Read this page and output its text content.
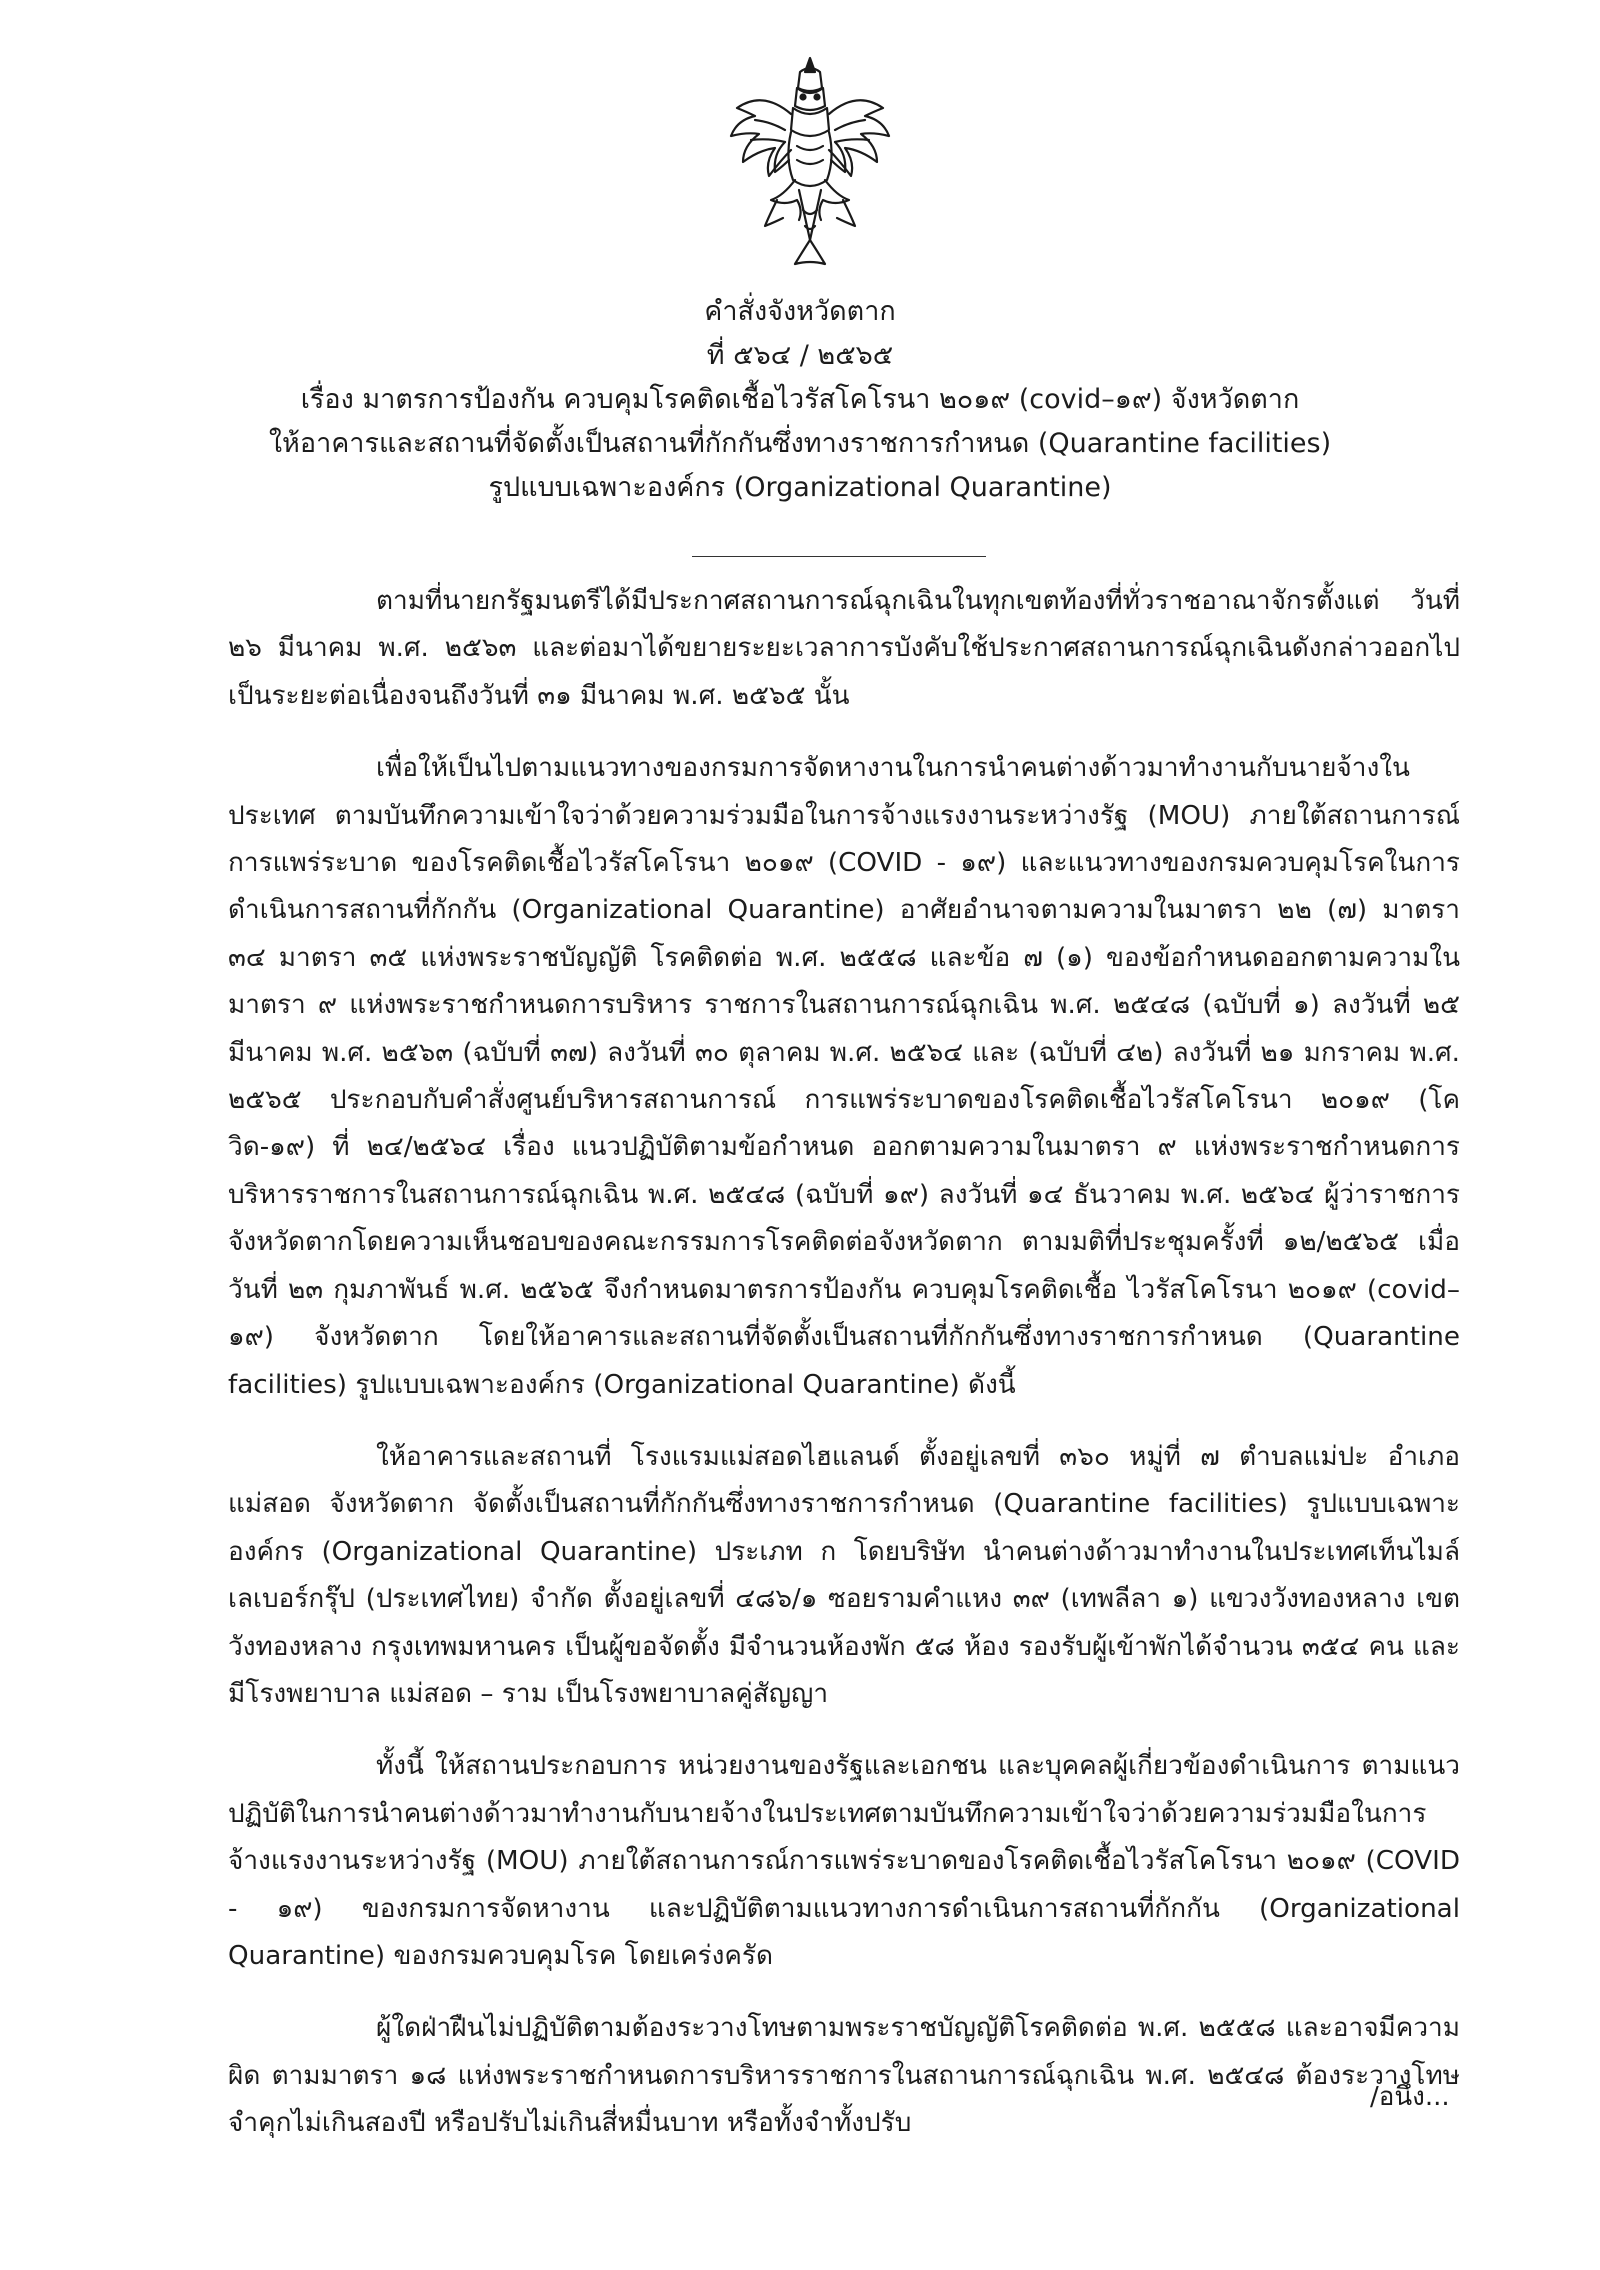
คำสั่งจังหวัดตาก
ที่ ๕๖๔ / ๒๕๖๕
เรื่อง มาตรการป้องกัน ควบคุมโรคติดเชื้อไวรัสโคโรนา ๒๐๑๙ (covid–๑๙) จังหวัดตาก
ให้อาคารและสถานที่จัดตั้งเป็นสถานที่กักกันซึ่งทางราชการกำหนด (Quarantine facilities)
รูปแบบเฉพาะองค์กร (Organizational Quarantine)

ตามที่นายกรัฐมนตรีได้มีประกาศสถานการณ์ฉุกเฉินในทุกเขตท้องที่ทั่วราชอาณาจักรตั้งแต่ วันที่ ๒๖ มีนาคม พ.ศ. ๒๕๖๓ และต่อมาได้ขยายระยะเวลาการบังคับใช้ประกาศสถานการณ์ฉุกเฉินดังกล่าวออกไป เป็นระยะต่อเนื่องจนถึงวันที่ ๓๑ มีนาคม พ.ศ. ๒๕๖๕ นั้น

เพื่อให้เป็นไปตามแนวทางของกรมการจัดหางานในการนำคนต่างด้าวมาทำงานกับนายจ้างในประเทศ ตามบันทึกความเข้าใจว่าด้วยความร่วมมือในการจ้างแรงงานระหว่างรัฐ (MOU) ภายใต้สถานการณ์การแพร่ระบาด ของโรคติดเชื้อไวรัสโคโรนา ๒๐๑๙ (COVID - ๑๙) และแนวทางของกรมควบคุมโรคในการดำเนินการสถานที่กักกัน (Organizational Quarantine) อาศัยอำนาจตามความในมาตรา ๒๒ (๗) มาตรา ๓๔ มาตรา ๓๕ แห่งพระราชบัญญัติ โรคติดต่อ พ.ศ. ๒๕๕๘ และข้อ ๗ (๑) ของข้อกำหนดออกตามความในมาตรา ๙ แห่งพระราชกำหนดการบริหาร ราชการในสถานการณ์ฉุกเฉิน พ.ศ. ๒๕๔๘ (ฉบับที่ ๑) ลงวันที่ ๒๕ มีนาคม พ.ศ. ๒๕๖๓ (ฉบับที่ ๓๗) ลงวันที่ ๓๐ ตุลาคม พ.ศ. ๒๕๖๔ และ (ฉบับที่ ๔๒) ลงวันที่ ๒๑ มกราคม พ.ศ. ๒๕๖๕ ประกอบกับคำสั่งศูนย์บริหารสถานการณ์ การแพร่ระบาดของโรคติดเชื้อไวรัสโคโรนา ๒๐๑๙ (โควิด-๑๙) ที่ ๒๔/๒๕๖๔ เรื่อง แนวปฏิบัติตามข้อกำหนด ออกตามความในมาตรา ๙ แห่งพระราชกำหนดการบริหารราชการในสถานการณ์ฉุกเฉิน พ.ศ. ๒๕๔๘ (ฉบับที่ ๑๙) ลงวันที่ ๑๔ ธันวาคม พ.ศ. ๒๕๖๔ ผู้ว่าราชการจังหวัดตากโดยความเห็นชอบของคณะกรรมการโรคติดต่อจังหวัดตาก ตามมติที่ประชุมครั้งที่ ๑๒/๒๕๖๕ เมื่อวันที่ ๒๓ กุมภาพันธ์ พ.ศ. ๒๕๖๕ จึงกำหนดมาตรการป้องกัน ควบคุมโรคติดเชื้อ ไวรัสโคโรนา ๒๐๑๙ (covid–๑๙) จังหวัดตาก โดยให้อาคารและสถานที่จัดตั้งเป็นสถานที่กักกันซึ่งทางราชการกำหนด (Quarantine facilities) รูปแบบเฉพาะองค์กร (Organizational Quarantine) ดังนี้

ให้อาคารและสถานที่ โรงแรมแม่สอดไฮแลนด์ ตั้งอยู่เลขที่ ๓๖๐ หมู่ที่ ๗ ตำบลแม่ปะ อำเภอแม่สอด จังหวัดตาก จัดตั้งเป็นสถานที่กักกันซึ่งทางราชการกำหนด (Quarantine facilities) รูปแบบเฉพาะองค์กร (Organizational Quarantine) ประเภท ก โดยบริษัท นำคนต่างด้าวมาทำงานในประเทศเท็นไมล์เลเบอร์กรุ๊ป (ประเทศไทย) จำกัด ตั้งอยู่เลขที่ ๔๘๖/๑ ซอยรามคำแหง ๓๙ (เทพลีลา ๑) แขวงวังทองหลาง เขตวังทองหลาง กรุงเทพมหานคร เป็นผู้ขอจัดตั้ง มีจำนวนห้องพัก ๕๘ ห้อง รองรับผู้เข้าพักได้จำนวน ๓๕๔ คน และมีโรงพยาบาล แม่สอด – ราม เป็นโรงพยาบาลคู่สัญญา

ทั้งนี้ ให้สถานประกอบการ หน่วยงานของรัฐและเอกชน และบุคคลผู้เกี่ยวข้องดำเนินการ ตามแนวปฏิบัติในการนำคนต่างด้าวมาทำงานกับนายจ้างในประเทศตามบันทึกความเข้าใจว่าด้วยความร่วมมือในการ จ้างแรงงานระหว่างรัฐ (MOU) ภายใต้สถานการณ์การแพร่ระบาดของโรคติดเชื้อไวรัสโคโรนา ๒๐๑๙ (COVID - ๑๙) ของกรมการจัดหางาน และปฏิบัติตามแนวทางการดำเนินการสถานที่กักกัน (Organizational Quarantine) ของกรมควบคุมโรค โดยเคร่งครัด

ผู้ใดฝ่าฝืนไม่ปฏิบัติตามต้องระวางโทษตามพระราชบัญญัติโรคติดต่อ พ.ศ. ๒๕๕๘ และอาจมีความผิด ตามมาตรา ๑๘ แห่งพระราชกำหนดการบริหารราชการในสถานการณ์ฉุกเฉิน พ.ศ. ๒๕๔๘ ต้องระวางโทษ จำคุกไม่เกินสองปี หรือปรับไม่เกินสี่หมื่นบาท หรือทั้งจำทั้งปรับ

/อนึ่ง...
